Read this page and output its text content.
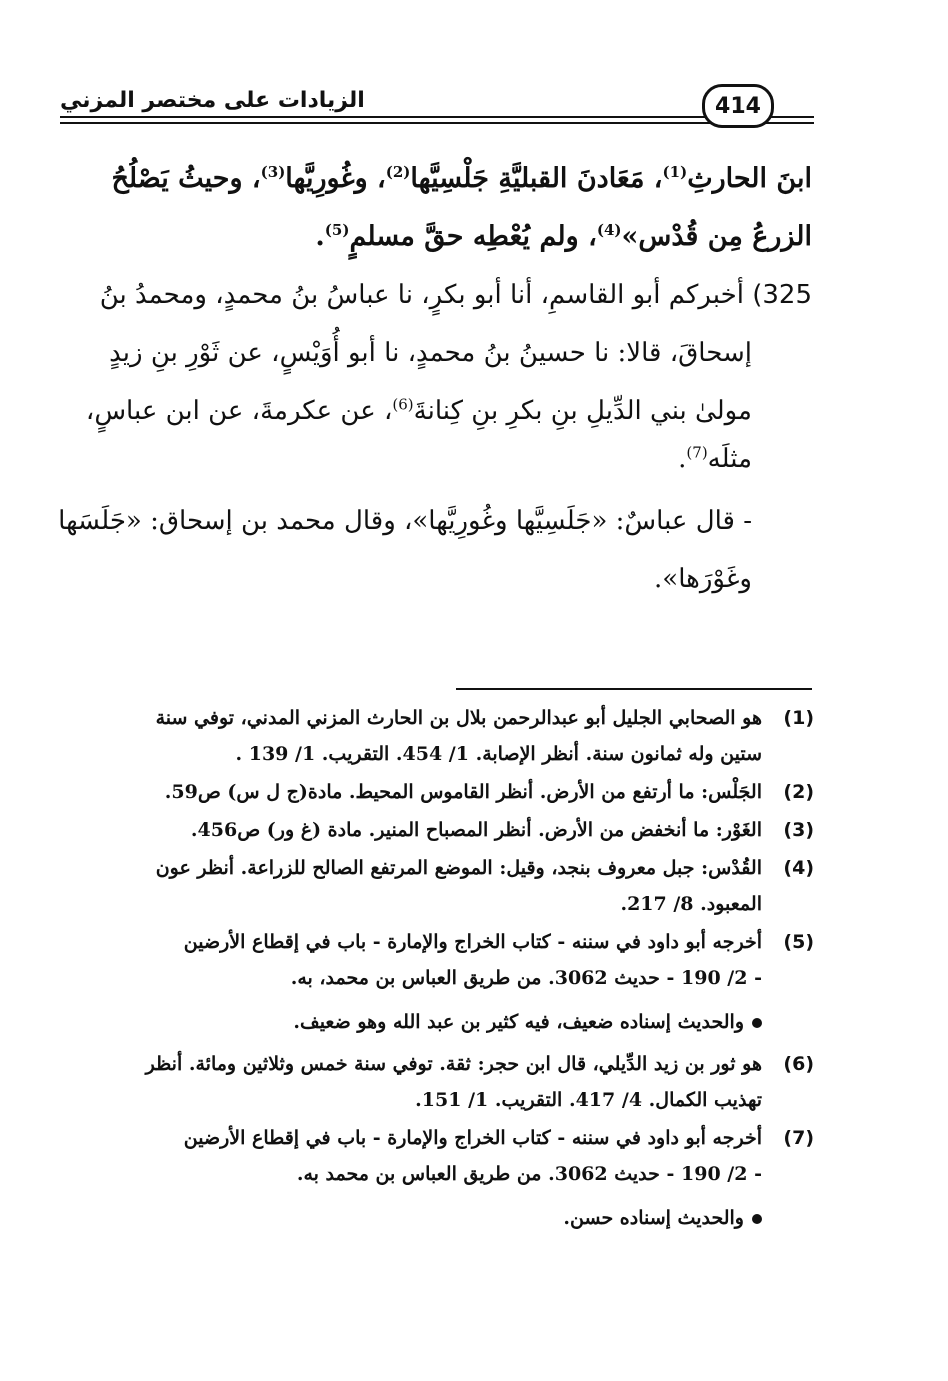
الزيادات على مختصر المزني	414
ابنَ الحارثِ$^{(1)}$، مَعَادنَ القبليَّةِ جَلْسِيَّها$^{(2)}$، وغُورِيَّها$^{(3)}$، وحيثُ يَصْلُحُ
الزرعُ مِن قُدْس»$^{(4)}$، ولم يُعْطِه حقَّ مسلمٍ$^{(5)}$.
325) أخبركم أبو القاسمِ، أنا أبو بكرٍ، نا عباسُ بنُ محمدٍ، ومحمدُ بنُ
إسحاقَ، قالا: نا حسينُ بنُ محمدٍ، نا أبو أُوَيْسٍ، عن ثَوْرِ بنِ زيدٍ
مولىٰ بني الدِّيلِ بنِ بكرِ بنِ كِنانةَ$^{(6)}$، عن عكرمةَ، عن ابن عباسٍ،
مثلَه$^{(7)}$.
- قال عباسٌ: «جَلَسِيَّها وغُورِيَّها»، وقال محمد بن إسحاق: «جَلَسَها
وغَوْرَها».
(1)
هو الصحابي الجليل أبو عبدالرحمن بلال بن الحارث المزني المدني، توفي سنة
ستين وله ثمانون سنة. أنظر الإصابة. 1/ 454. التقريب. 1/ 139 .
(2)
الجَلْس: ما أرتفع من الأرض. أنظر القاموس المحيط. مادة(ج ل س) ص59.
(3)
الغَوْر: ما أنخفض من الأرض. أنظر المصباح المنير. مادة (غ ور) ص456.
(4)
القُدْس: جبل معروف بنجد، وقيل: الموضع المرتفع الصالح للزراعة. أنظر عون
المعبود. 8/ 217.
(5)
أخرجه أبو داود في سننه - كتاب الخراج والإمارة - باب في إقطاع الأرضين
- 2/ 190 - حديث 3062. من طريق العباس بن محمد، به.
والحديث إسناده ضعيف، فيه كثير بن عبد الله وهو ضعيف.
(6)
هو ثور بن زيد الدِّيلي، قال ابن حجر: ثقة. توفي سنة خمس وثلاثين ومائة. أنظر
تهذيب الكمال. 4/ 417. التقريب. 1/ 151.
(7)
أخرجه أبو داود في سننه - كتاب الخراج والإمارة - باب في إقطاع الأرضين
- 2/ 190 - حديث 3062. من طريق العباس بن محمد به.
والحديث إسناده حسن.
